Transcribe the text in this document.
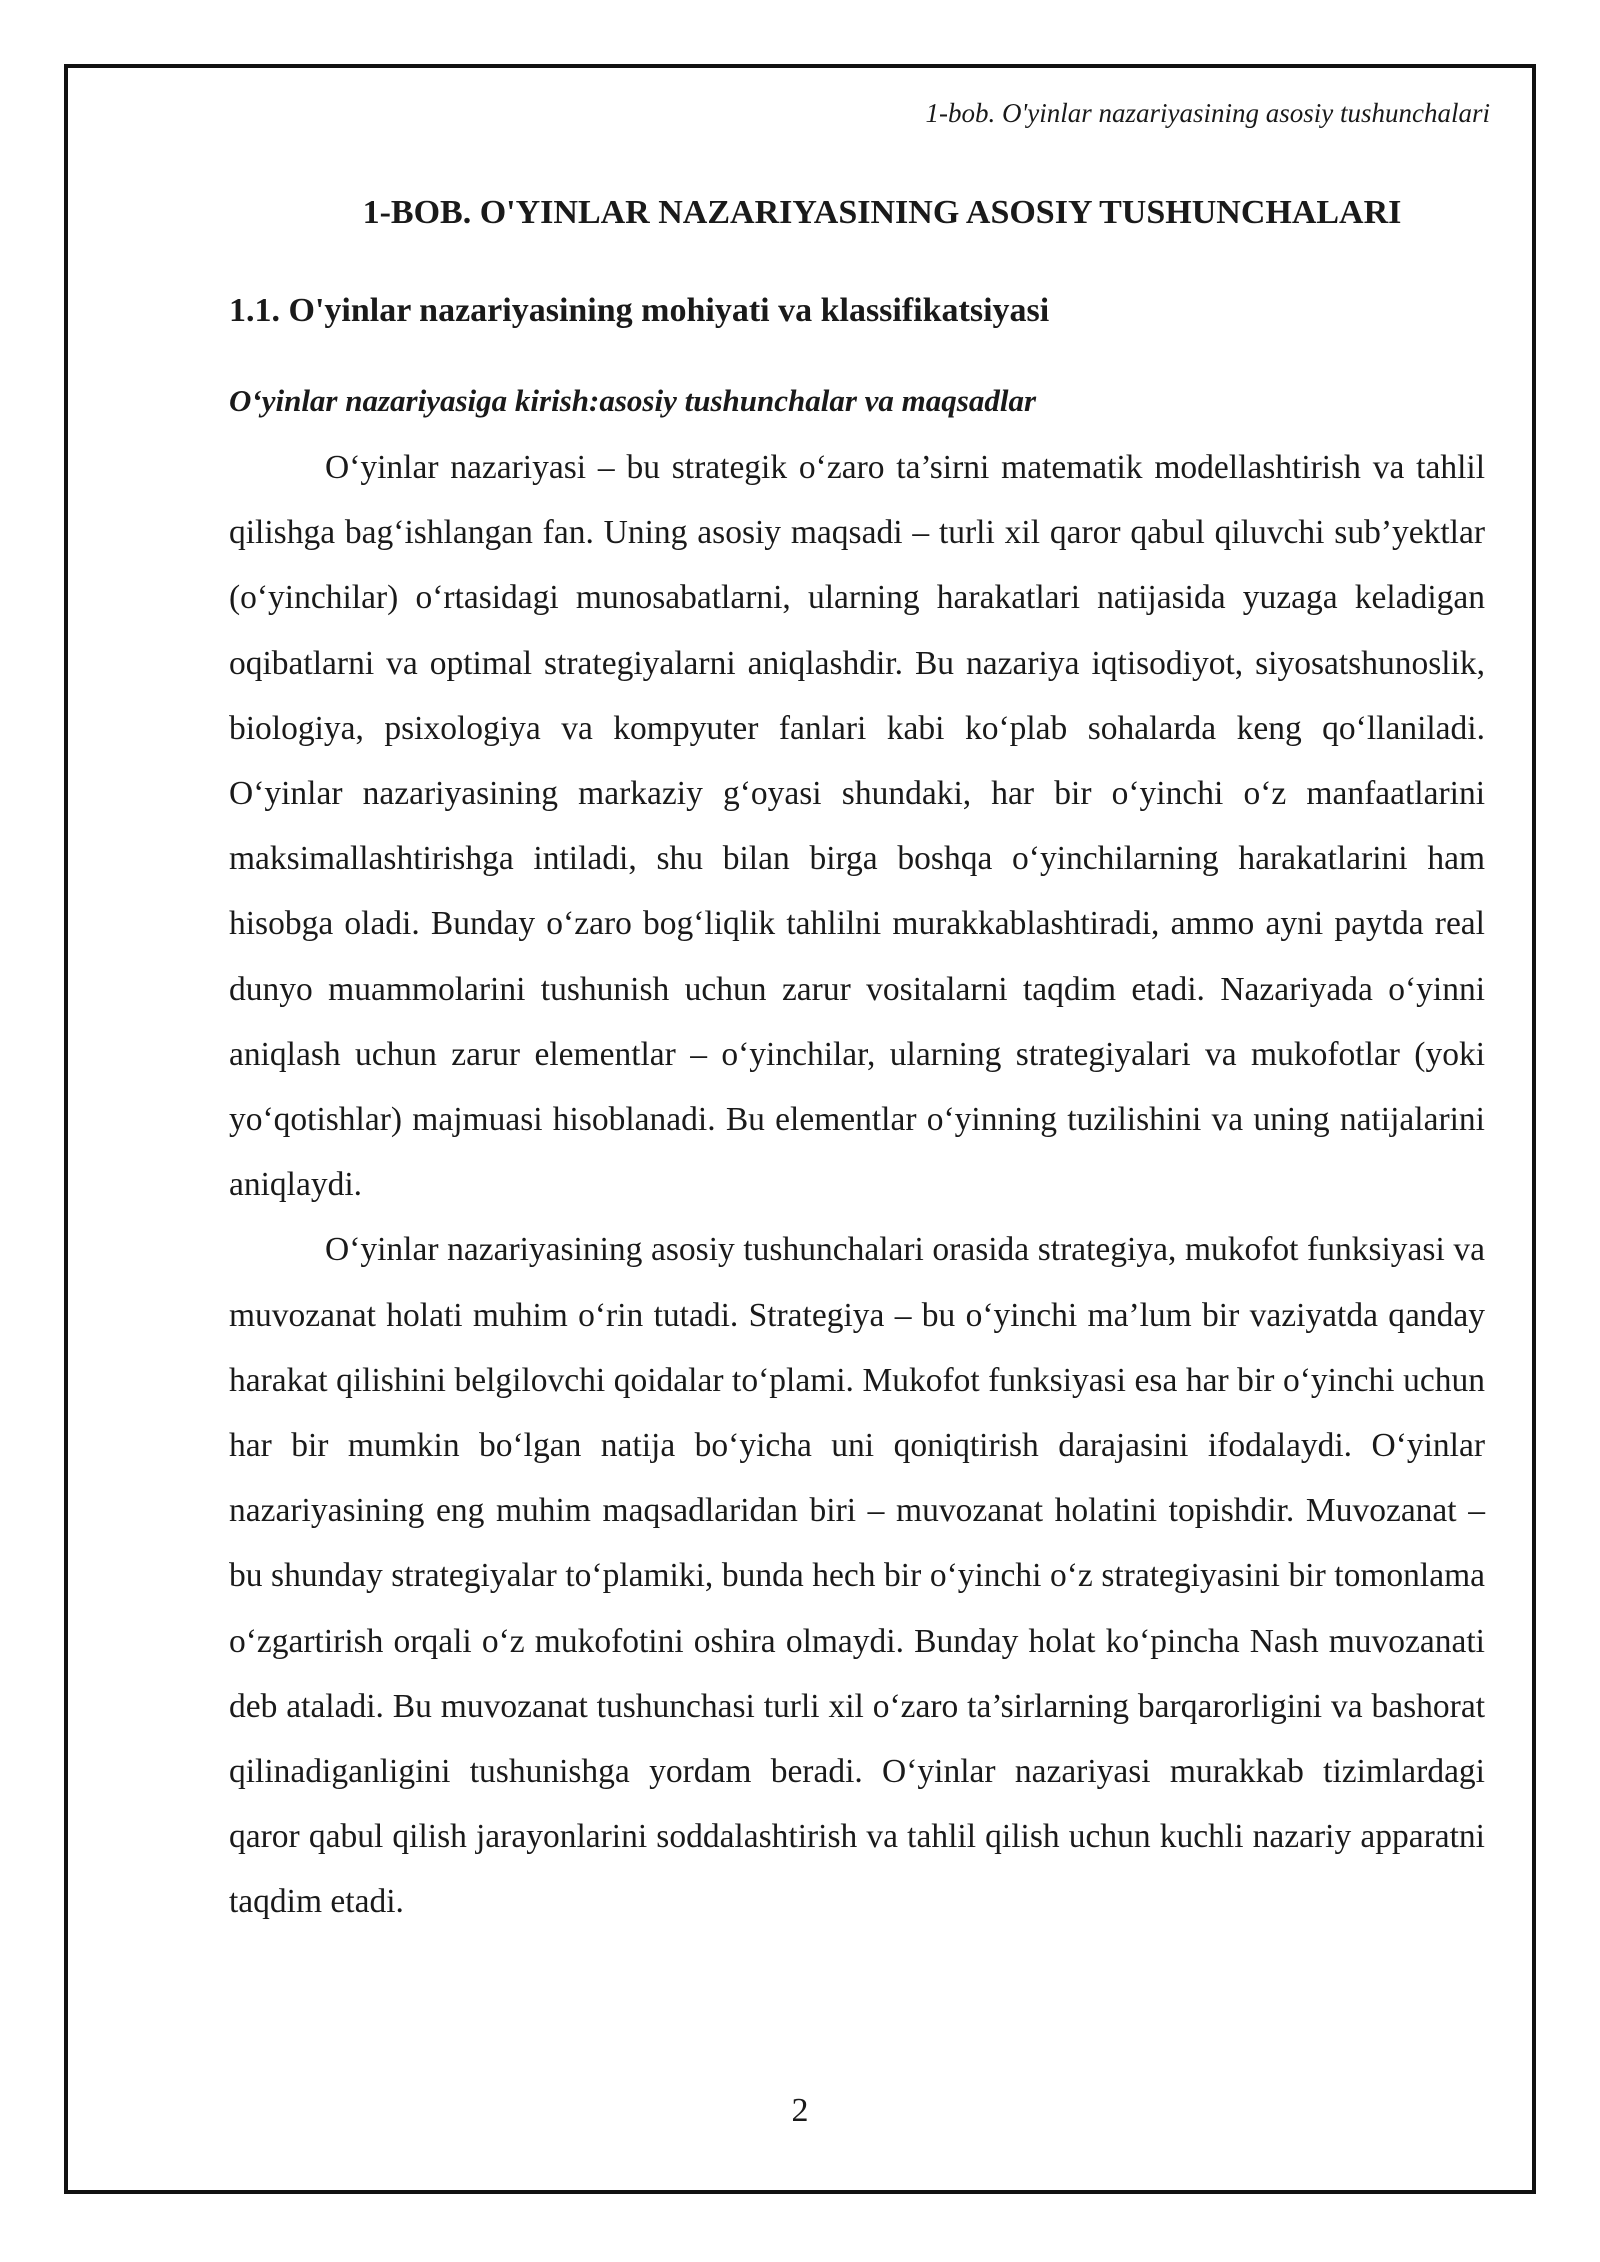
1-bob. O'yinlar nazariyasining asosiy tushunchalari
1-BOB. O'YINLAR NAZARIYASINING ASOSIY TUSHUNCHALARI
1.1. O'yinlar nazariyasining mohiyati va klassifikatsiyasi
O‘yinlar nazariyasiga kirish:asosiy tushunchalar va maqsadlar

O‘yinlar nazariyasi – bu strategik o‘zaro ta’sirni matematik modellashtirish va tahlil qilishga bag‘ishlangan fan. Uning asosiy maqsadi – turli xil qaror qabul qiluvchi sub’yektlar (o‘yinchilar) o‘rtasidagi munosabatlarni, ularning harakatlari natijasida yuzaga keladigan oqibatlarni va optimal strategiyalarni aniqlashdir. Bu nazariya iqtisodiyot, siyosatshunoslik, biologiya, psixologiya va kompyuter fanlari kabi ko‘plab sohalarda keng qo‘llaniladi. O‘yinlar nazariyasining markaziy g‘oyasi shundaki, har bir o‘yinchi o‘z manfaatlarini maksimallashtirishga intiladi, shu bilan birga boshqa o‘yinchilarning harakatlarini ham hisobga oladi. Bunday o‘zaro bog‘liqlik tahlilni murakkablashtiradi, ammo ayni paytda real dunyo muammolarini tushunish uchun zarur vositalarni taqdim etadi. Nazariyada o‘yinni aniqlash uchun zarur elementlar – o‘yinchilar, ularning strategiyalari va mukofotlar (yoki yo‘qotishlar) majmuasi hisoblanadi. Bu elementlar o‘yinning tuzilishini va uning natijalarini aniqlaydi.

O‘yinlar nazariyasining asosiy tushunchalari orasida strategiya, mukofot funksiyasi va muvozanat holati muhim o‘rin tutadi. Strategiya – bu o‘yinchi ma’lum bir vaziyatda qanday harakat qilishini belgilovchi qoidalar to‘plami. Mukofot funksiyasi esa har bir o‘yinchi uchun har bir mumkin bo‘lgan natija bo‘yicha uni qoniqtirish darajasini ifodalaydi. O‘yinlar nazariyasining eng muhim maqsadlaridan biri – muvozanat holatini topishdir. Muvozanat – bu shunday strategiyalar to‘plamiki, bunda hech bir o‘yinchi o‘z strategiyasini bir tomonlama o‘zgartirish orqali o‘z mukofotini oshira olmaydi. Bunday holat ko‘pincha Nash muvozanati deb ataladi. Bu muvozanat tushunchasi turli xil o‘zaro ta’sirlarning barqarorligini va bashorat qilinadiganligini tushunishga yordam beradi. O‘yinlar nazariyasi murakkab tizimlardagi qaror qabul qilish jarayonlarini soddalashtirish va tahlil qilish uchun kuchli nazariy apparatni taqdim etadi.

2
